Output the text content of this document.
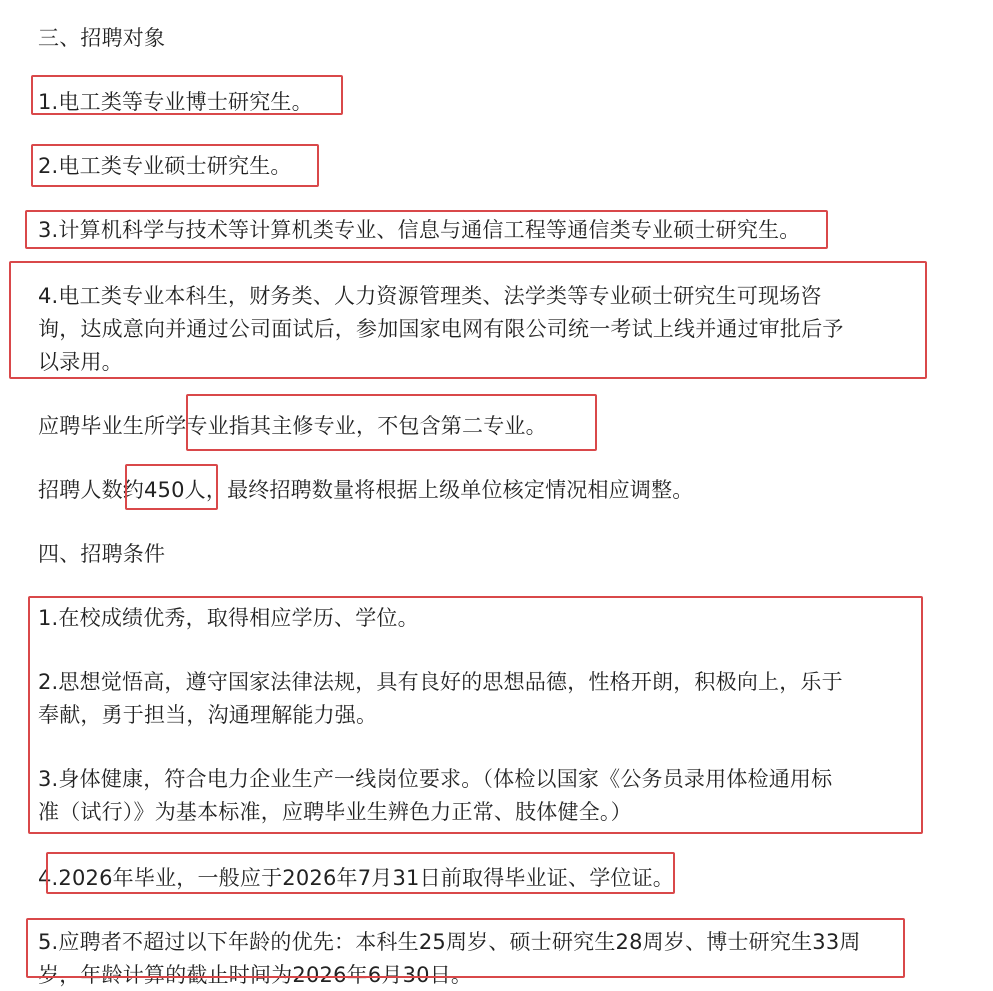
三、招聘对象

1.电工类等专业博士研究生。

2.电工类专业硕士研究生。

3.计算机科学与技术等计算机类专业、信息与通信工程等通信类专业硕士研究生。

4.电工类专业本科生，财务类、人力资源管理类、法学类等专业硕士研究生可现场咨

询，达成意向并通过公司面试后，参加国家电网有限公司统一考试上线并通过审批后予

以录用。

应聘毕业生所学专业指其主修专业，不包含第二专业。

招聘人数约450人，最终招聘数量将根据上级单位核定情况相应调整。

四、招聘条件

1.在校成绩优秀，取得相应学历、学位。

2.思想觉悟高，遵守国家法律法规，具有良好的思想品德，性格开朗，积极向上，乐于

奉献，勇于担当，沟通理解能力强。

3.身体健康，符合电力企业生产一线岗位要求。（体检以国家《公务员录用体检通用标

准（试行）》为基本标准，应聘毕业生辨色力正常、肢体健全。）

4.2026年毕业，一般应于2026年7月31日前取得毕业证、学位证。

5.应聘者不超过以下年龄的优先：本科生25周岁、硕士研究生28周岁、博士研究生33周

岁，年龄计算的截止时间为2026年6月30日。
